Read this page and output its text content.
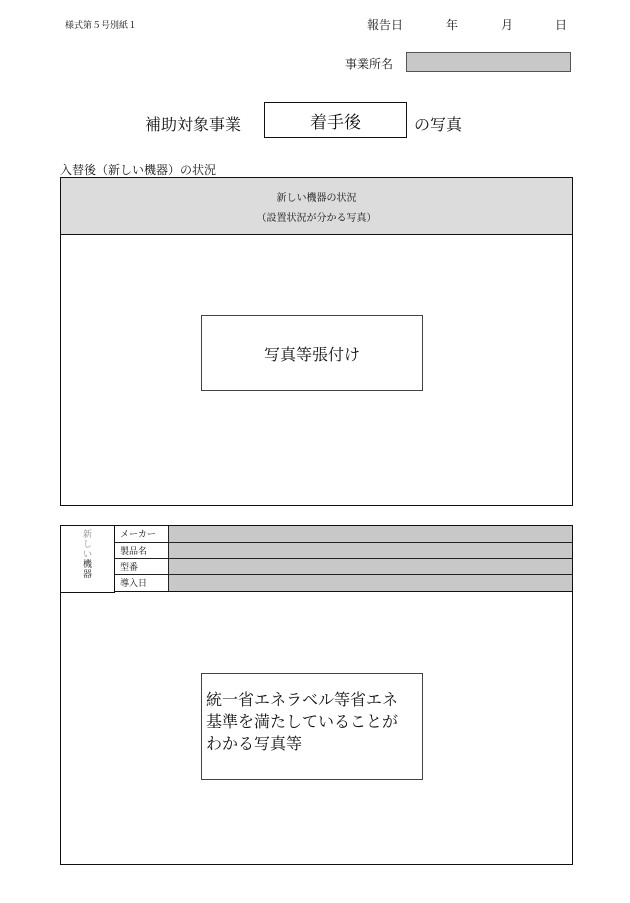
様式第５号別紙１	報告日	年	月	日
事業所名
補助対象事業	着手後	の写真
入替後（新しい機器）の状況
新しい機器の状況
（設置状況が分かる写真）
写真等張付け
新
し
い
機
器
メーカー	
製品名	
型番	
導入日	
統一省エネラベル等省エネ
基準を満たしていることが
わかる写真等
